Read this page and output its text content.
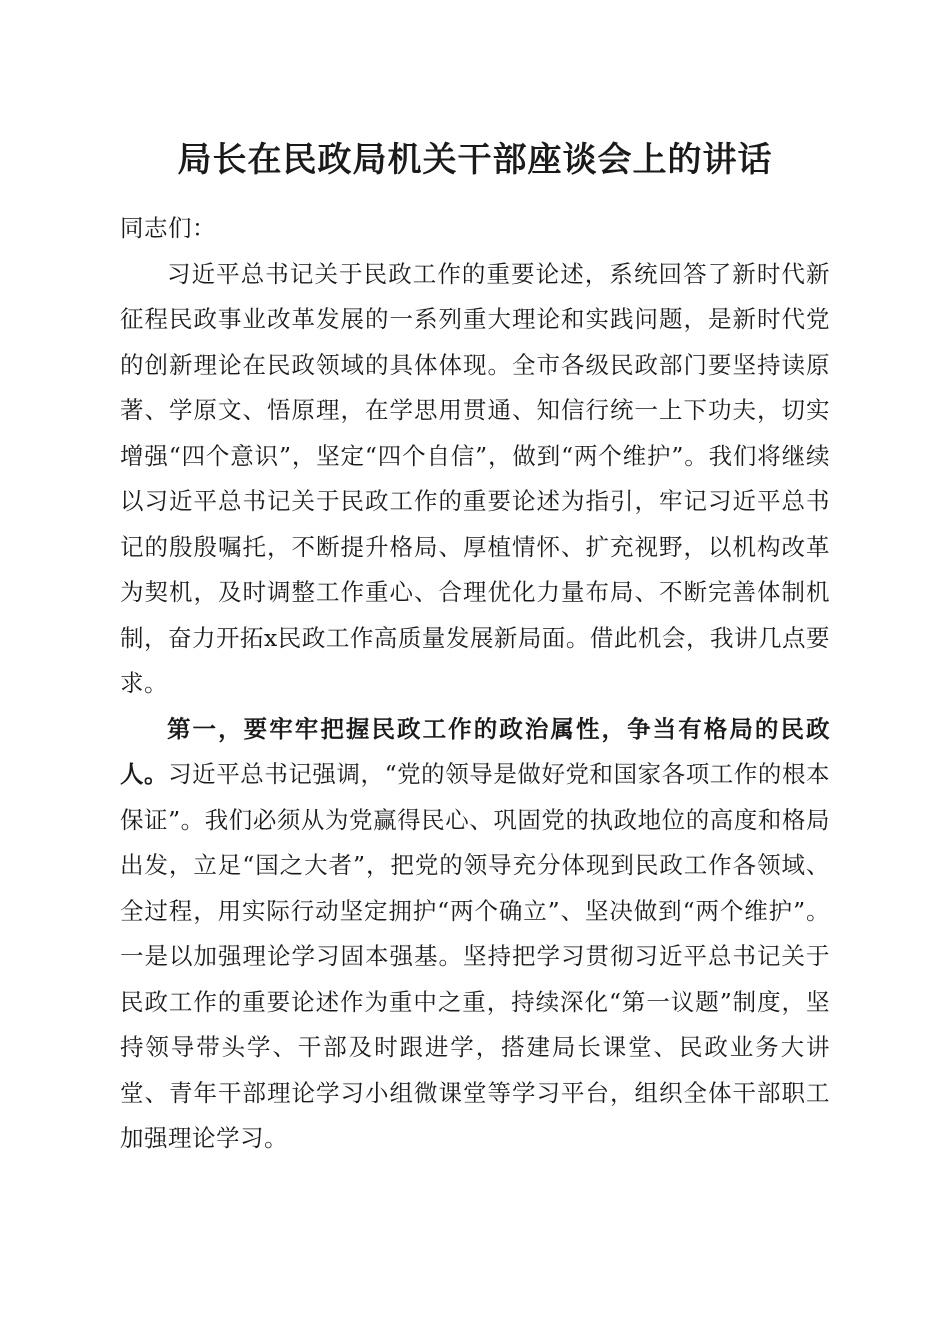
局长在民政局机关干部座谈会上的讲话

同志们：

习近平总书记关于民政工作的重要论述，系统回答了新时代新征程民政事业改革发展的一系列重大理论和实践问题，是新时代党的创新理论在民政领域的具体体现。全市各级民政部门要坚持读原著、学原文、悟原理，在学思用贯通、知信行统一上下功夫，切实增强“四个意识”，坚定“四个自信”，做到“两个维护”。我们将继续以习近平总书记关于民政工作的重要论述为指引，牢记习近平总书记的殷殷嘱托，不断提升格局、厚植情怀、扩充视野，以机构改革为契机，及时调整工作重心、合理优化力量布局、不断完善体制机制，奋力开拓x民政工作高质量发展新局面。借此机会，我讲几点要求。

第一，要牢牢把握民政工作的政治属性，争当有格局的民政人。习近平总书记强调，“党的领导是做好党和国家各项工作的根本保证”。我们必须从为党赢得民心、巩固党的执政地位的高度和格局出发，立足“国之大者”，把党的领导充分体现到民政工作各领域、全过程，用实际行动坚定拥护“两个确立”、坚决做到“两个维护”。一是以加强理论学习固本强基。坚持把学习贯彻习近平总书记关于民政工作的重要论述作为重中之重，持续深化“第一议题”制度，坚持领导带头学、干部及时跟进学，搭建局长课堂、民政业务大讲堂、青年干部理论学习小组微课堂等学习平台，组织全体干部职工加强理论学习。
